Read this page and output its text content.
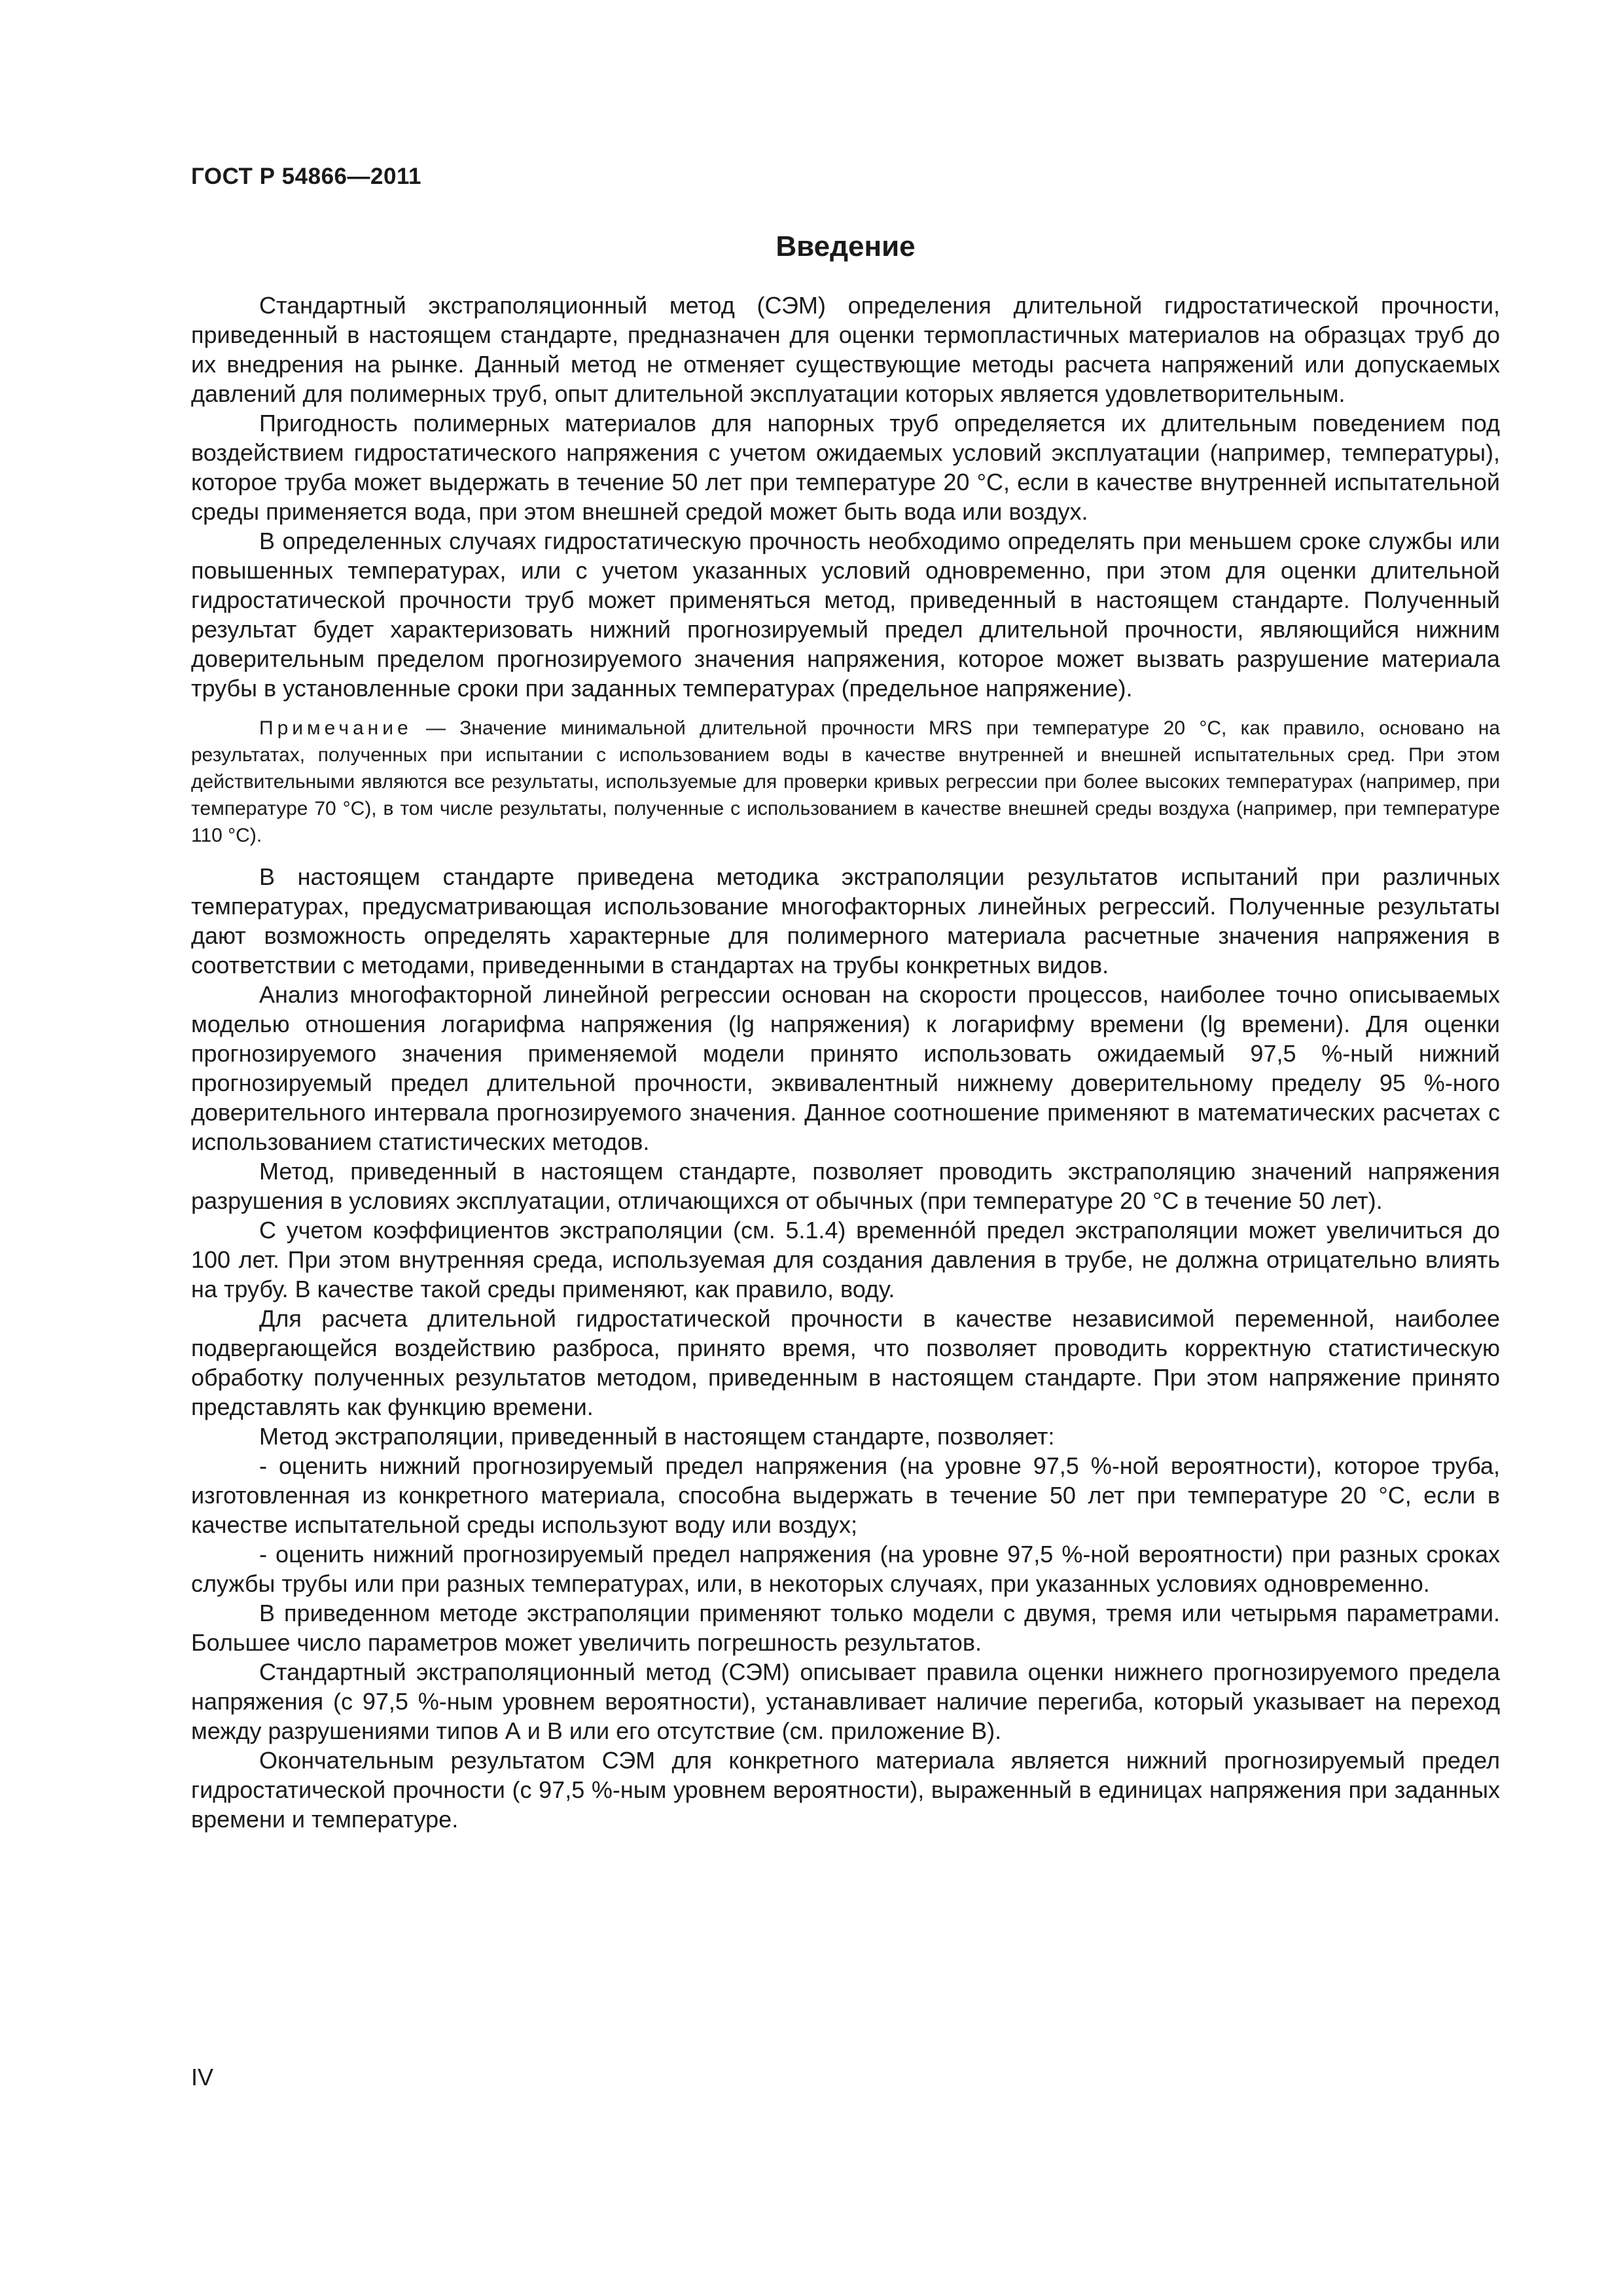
ГОСТ Р 54866—2011
Введение

Стандартный экстраполяционный метод (СЭМ) определения длительной гидростатической прочности, приведенный в настоящем стандарте, предназначен для оценки термопластичных материалов на образцах труб до их внедрения на рынке. Данный метод не отменяет существующие методы расчета напряжений или допускаемых давлений для полимерных труб, опыт длительной эксплуатации которых является удовлетворительным.

Пригодность полимерных материалов для напорных труб определяется их длительным поведением под воздействием гидростатического напряжения с учетом ожидаемых условий эксплуатации (например, температуры), которое труба может выдержать в течение 50 лет при температуре 20 °С, если в качестве внутренней испытательной среды применяется вода, при этом внешней средой может быть вода или воздух.

В определенных случаях гидростатическую прочность необходимо определять при меньшем сроке службы или повышенных температурах, или с учетом указанных условий одновременно, при этом для оценки длительной гидростатической прочности труб может применяться метод, приведенный в настоящем стандарте. Полученный результат будет характеризовать нижний прогнозируемый предел длительной прочности, являющийся нижним доверительным пределом прогнозируемого значения напряжения, которое может вызвать разрушение материала трубы в установленные сроки при заданных температурах (предельное напряжение).

Примечание — Значение минимальной длительной прочности MRS при температуре 20 °С, как правило, основано на результатах, полученных при испытании с использованием воды в качестве внутренней и внешней испытательных сред. При этом действительными являются все результаты, используемые для проверки кривых регрессии при более высоких температурах (например, при температуре 70 °С), в том числе результаты, полученные с использованием в качестве внешней среды воздуха (например, при температуре 110 °С).

В настоящем стандарте приведена методика экстраполяции результатов испытаний при различных температурах, предусматривающая использование многофакторных линейных регрессий. Полученные результаты дают возможность определять характерные для полимерного материала расчетные значения напряжения в соответствии с методами, приведенными в стандартах на трубы конкретных видов.

Анализ многофакторной линейной регрессии основан на скорости процессов, наиболее точно описываемых моделью отношения логарифма напряжения (lg напряжения) к логарифму времени (lg времени). Для оценки прогнозируемого значения применяемой модели принято использовать ожидаемый 97,5 %-ный нижний прогнозируемый предел длительной прочности, эквивалентный нижнему доверительному пределу 95 %-ного доверительного интервала прогнозируемого значения. Данное соотношение применяют в математических расчетах с использованием статистических методов.

Метод, приведенный в настоящем стандарте, позволяет проводить экстраполяцию значений напряжения разрушения в условиях эксплуатации, отличающихся от обычных (при температуре 20 °С в течение 50 лет).

С учетом коэффициентов экстраполяции (см. 5.1.4) временно́й предел экстраполяции может увеличиться до 100 лет. При этом внутренняя среда, используемая для создания давления в трубе, не должна отрицательно влиять на трубу. В качестве такой среды применяют, как правило, воду.

Для расчета длительной гидростатической прочности в качестве независимой переменной, наиболее подвергающейся воздействию разброса, принято время, что позволяет проводить корректную статистическую обработку полученных результатов методом, приведенным в настоящем стандарте. При этом напряжение принято представлять как функцию времени.

Метод экстраполяции, приведенный в настоящем стандарте, позволяет:

- оценить нижний прогнозируемый предел напряжения (на уровне 97,5 %-ной вероятности), которое труба, изготовленная из конкретного материала, способна выдержать в течение 50 лет при температуре 20 °С, если в качестве испытательной среды используют воду или воздух;

- оценить нижний прогнозируемый предел напряжения (на уровне 97,5 %-ной вероятности) при разных сроках службы трубы или при разных температурах, или, в некоторых случаях, при указанных условиях одновременно.

В приведенном методе экстраполяции применяют только модели с двумя, тремя или четырьмя параметрами. Большее число параметров может увеличить погрешность результатов.

Стандартный экстраполяционный метод (СЭМ) описывает правила оценки нижнего прогнозируемого предела напряжения (с 97,5 %-ным уровнем вероятности), устанавливает наличие перегиба, который указывает на переход между разрушениями типов А и В или его отсутствие (см. приложение В).

Окончательным результатом СЭМ для конкретного материала является нижний прогнозируемый предел гидростатической прочности (с 97,5 %-ным уровнем вероятности), выраженный в единицах напряжения при заданных времени и температуре.

IV
